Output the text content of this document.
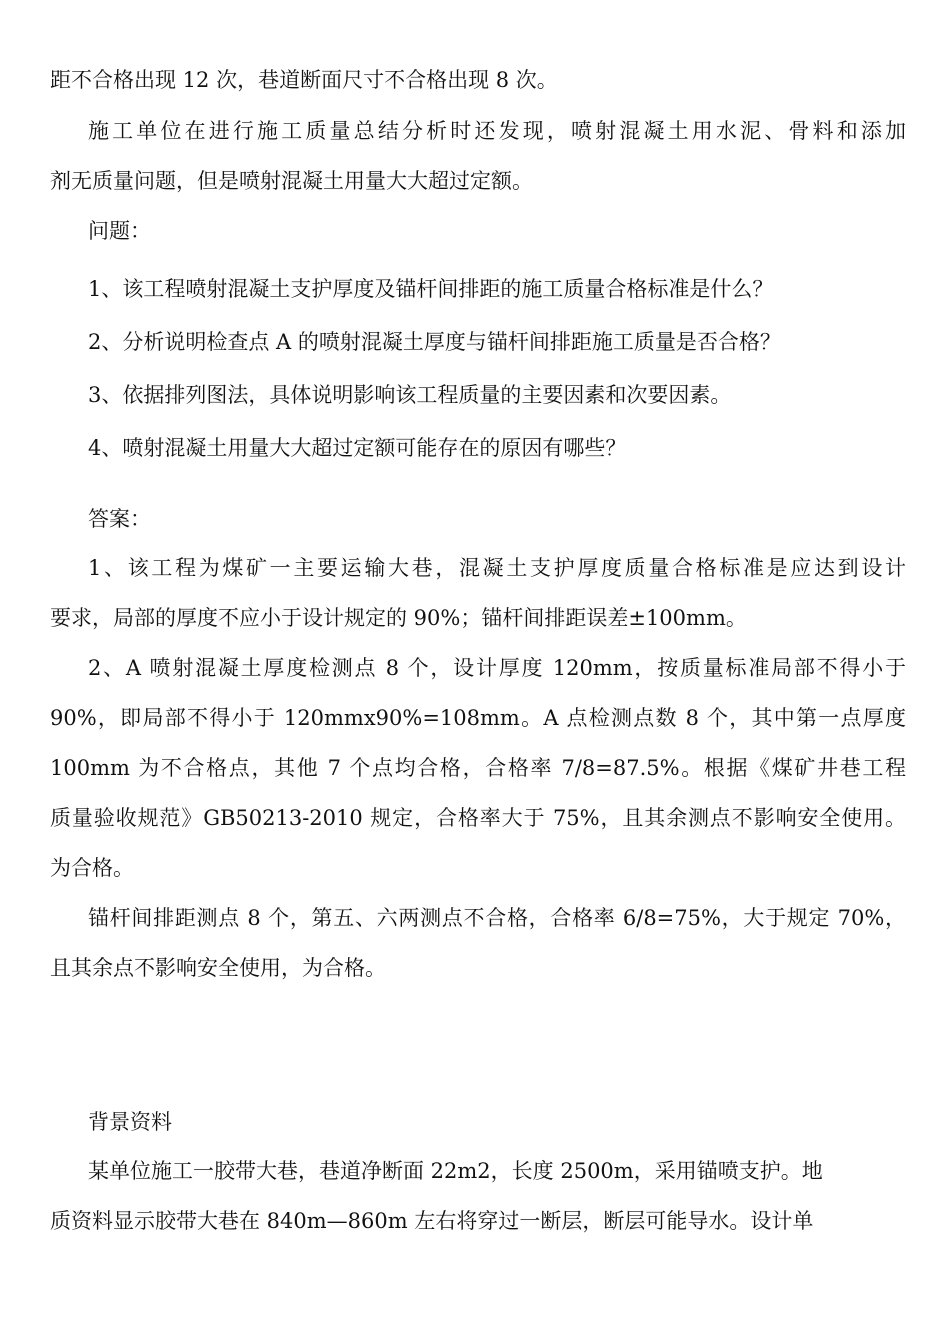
距不合格出现 12 次，巷道断面尺寸不合格出现 8 次。
施工单位在进行施工质量总结分析时还发现，喷射混凝土用水泥、骨料和添加
剂无质量问题，但是喷射混凝土用量大大超过定额。
问题：
1、该工程喷射混凝土支护厚度及锚杆间排距的施工质量合格标准是什么？
2、分析说明检查点 A 的喷射混凝土厚度与锚杆间排距施工质量是否合格？
3、依据排列图法，具体说明影响该工程质量的主要因素和次要因素。
4、喷射混凝土用量大大超过定额可能存在的原因有哪些？
答案：
1、该工程为煤矿一主要运输大巷，混凝土支护厚度质量合格标准是应达到设计
要求，局部的厚度不应小于设计规定的 90%；锚杆间排距误差±100mm。
2、A 喷射混凝土厚度检测点 8 个，设计厚度 120mm，按质量标准局部不得小于
90%，即局部不得小于 120mmx90%=108mm。A 点检测点数 8 个，其中第一点厚度
100mm 为不合格点，其他 7 个点均合格，合格率 7/8=87.5%。根据《煤矿井巷工程
质量验收规范》GB50213-2010 规定，合格率大于 75%，且其余测点不影响安全使用。
为合格。
锚杆间排距测点 8 个，第五、六两测点不合格，合格率 6/8=75%，大于规定 70%，
且其余点不影响安全使用，为合格。
背景资料
某单位施工一胶带大巷，巷道净断面 22m2，长度 2500m，采用锚喷支护。地
质资料显示胶带大巷在 840m—860m 左右将穿过一断层，断层可能导水。设计单
